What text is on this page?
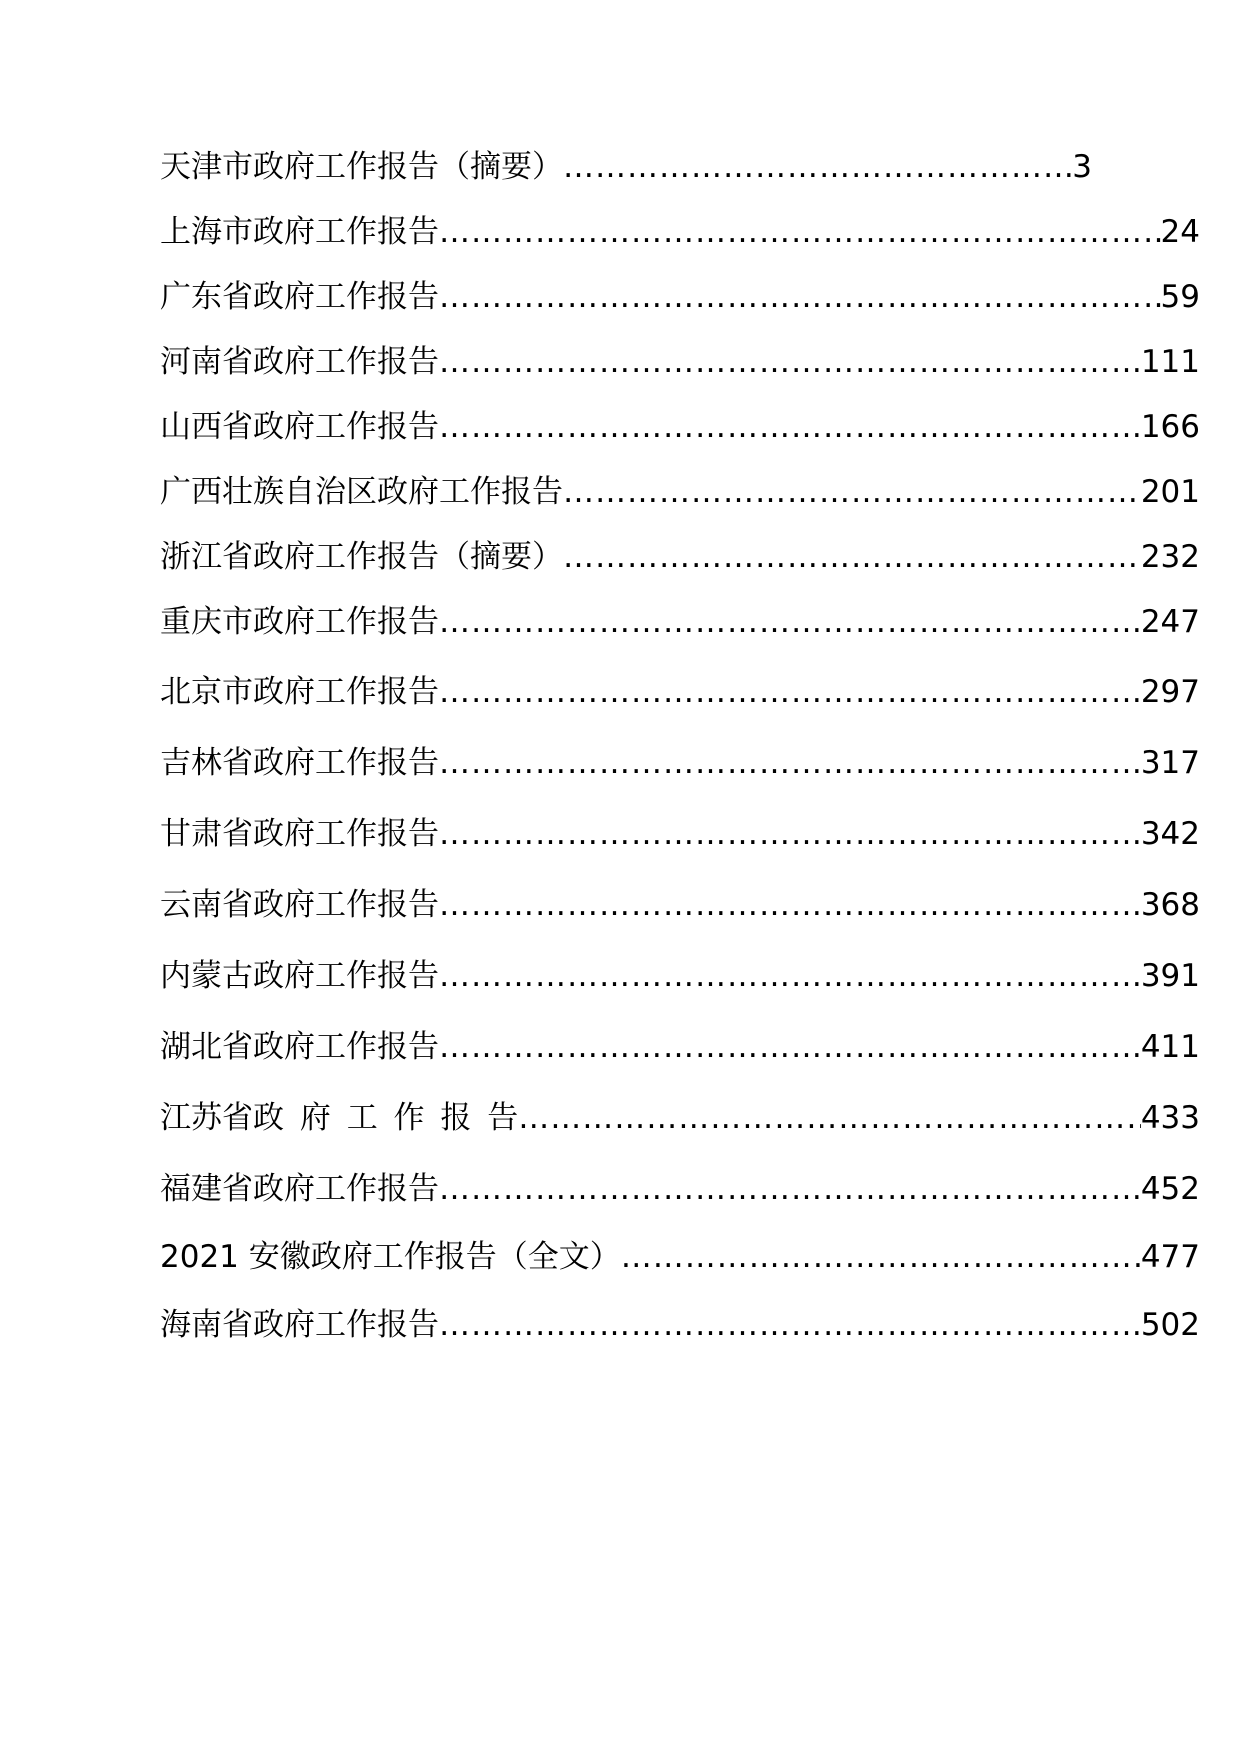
天津市政府工作报告（摘要） ……………………………………………………………………………………………………………………………………	3
上海市政府工作报告 ……………………………………………………………………………………………………………………………………	24
广东省政府工作报告 ……………………………………………………………………………………………………………………………………	59
河南省政府工作报告 ……………………………………………………………………………………………………………………………………	111
山西省政府工作报告 ……………………………………………………………………………………………………………………………………	166
广西壮族自治区政府工作报告 ……………………………………………………………………………………………………………………………………	201
浙江省政府工作报告（摘要） ……………………………………………………………………………………………………………………………………	232
重庆市政府工作报告 ……………………………………………………………………………………………………………………………………	247
北京市政府工作报告 ……………………………………………………………………………………………………………………………………	297
吉林省政府工作报告 ……………………………………………………………………………………………………………………………………	317
甘肃省政府工作报告 ……………………………………………………………………………………………………………………………………	342
云南省政府工作报告 ……………………………………………………………………………………………………………………………………	368
内蒙古政府工作报告 ……………………………………………………………………………………………………………………………………	391
湖北省政府工作报告 ……………………………………………………………………………………………………………………………………	411
江苏省政 府 工 作 报 告 ……………………………………………………………………………………………………………………………………	433
福建省政府工作报告 ……………………………………………………………………………………………………………………………………	452
2021 安徽政府工作报告（全文） ……………………………………………………………………………………………………………………………………	477
海南省政府工作报告 ……………………………………………………………………………………………………………………………………	502
